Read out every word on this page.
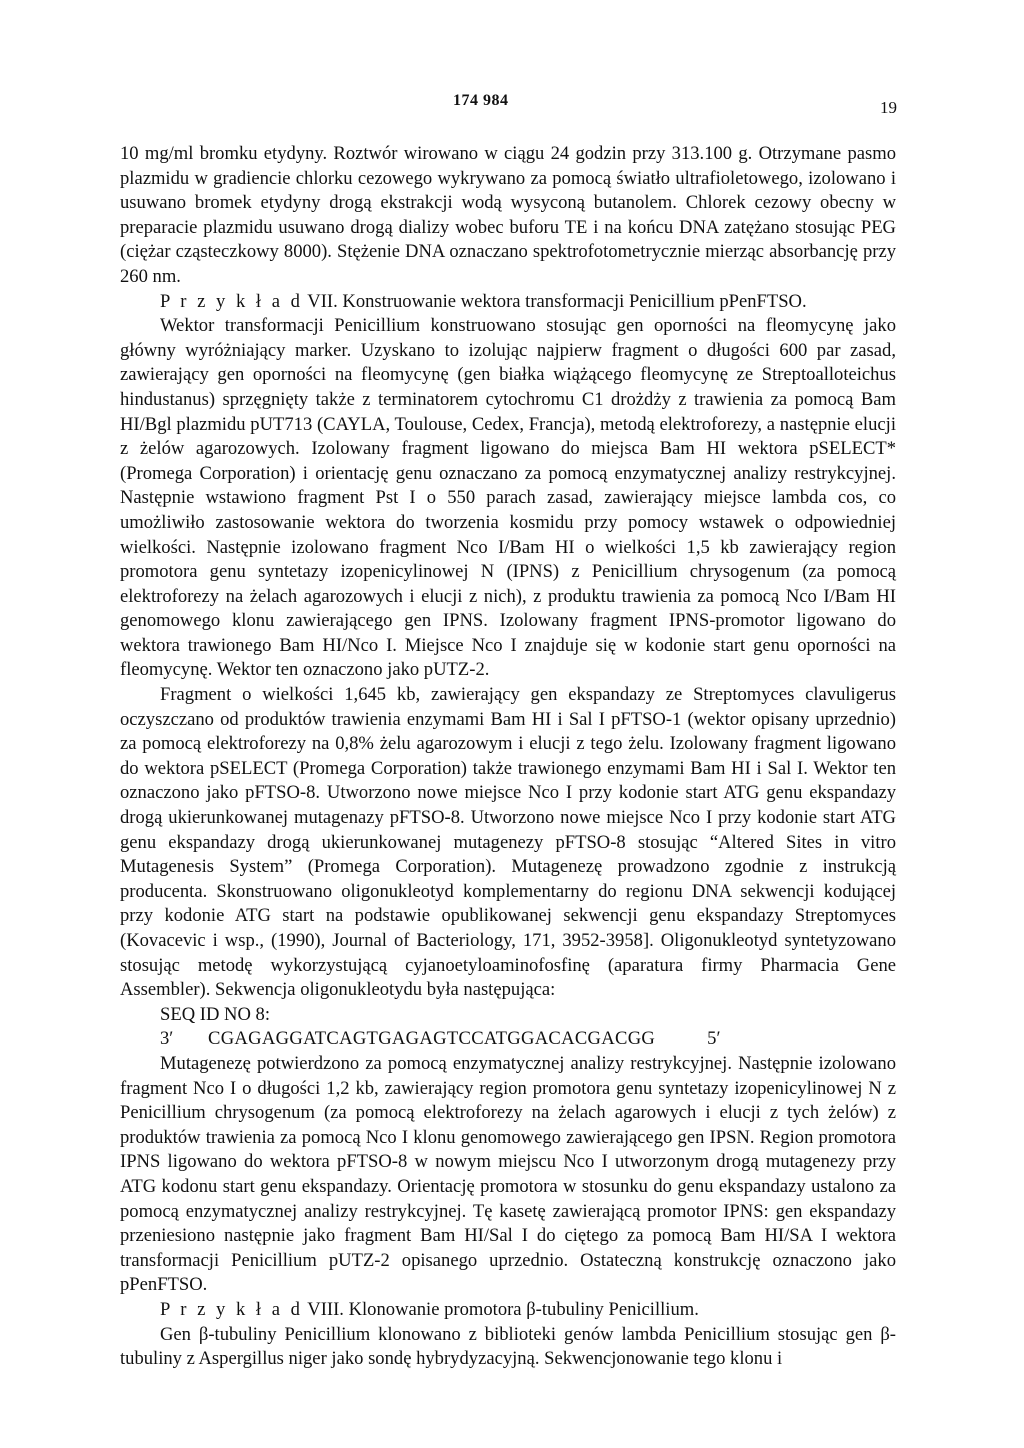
174 984	19

10 mg/ml bromku etydyny. Roztwór wirowano w ciągu 24 godzin przy 313.100 g. Otrzymane pasmo plazmidu w gradiencie chlorku cezowego wykrywano za pomocą światło ultrafioletowego, izolowano i usuwano bromek etydyny drogą ekstrakcji wodą wysyconą butanolem. Chlorek cezowy obecny w preparacie plazmidu usuwano drogą dializy wobec buforu TE i na końcu DNA zatężano stosując PEG (ciężar cząsteczkowy 8000). Stężenie DNA oznaczano spektrofotometrycznie mierząc absorbancję przy 260 nm.

P r z y k ł a d VII. Konstruowanie wektora transformacji Penicillium pPenFTSO.

Wektor transformacji Penicillium konstruowano stosując gen oporności na fleomycynę jako główny wyróżniający marker. Uzyskano to izolując najpierw fragment o długości 600 par zasad, zawierający gen oporności na fleomycynę (gen białka wiążącego fleomycynę ze Streptoalloteichus hindustanus) sprzęgnięty także z terminatorem cytochromu C1 drożdży z trawienia za pomocą Bam HI/Bgl plazmidu pUT713 (CAYLA, Toulouse, Cedex, Francja), metodą elektroforezy, a następnie elucji z żelów agarozowych. Izolowany fragment ligowano do miejsca Bam HI wektora pSELECT* (Promega Corporation) i orientację genu oznaczano za pomocą enzymatycznej analizy restrykcyjnej. Następnie wstawiono fragment Pst I o 550 parach zasad, zawierający miejsce lambda cos, co umożliwiło zastosowanie wektora do tworzenia kosmidu przy pomocy wstawek o odpowiedniej wielkości. Następnie izolowano fragment Nco I/Bam HI o wielkości 1,5 kb zawierający region promotora genu syntetazy izopenicylinowej N (IPNS) z Penicillium chrysogenum (za pomocą elektroforezy na żelach agarozowych i elucji z nich), z produktu trawienia za pomocą Nco I/Bam HI genomowego klonu zawierającego gen IPNS. Izolowany fragment IPNS-promotor ligowano do wektora trawionego Bam HI/Nco I. Miejsce Nco I znajduje się w kodonie start genu oporności na fleomycynę. Wektor ten oznaczono jako pUTZ-2.

Fragment o wielkości 1,645 kb, zawierający gen ekspandazy ze Streptomyces clavuligerus oczyszczano od produktów trawienia enzymami Bam HI i Sal I pFTSO-1 (wektor opisany uprzednio) za pomocą elektroforezy na 0,8% żelu agarozowym i elucji z tego żelu. Izolowany fragment ligowano do wektora pSELECT (Promega Corporation) także trawionego enzymami Bam HI i Sal I. Wektor ten oznaczono jako pFTSO-8. Utworzono nowe miejsce Nco I przy kodonie start ATG genu ekspandazy drogą ukierunkowanej mutagenazy pFTSO-8. Utworzono nowe miejsce Nco I przy kodonie start ATG genu ekspandazy drogą ukierunkowanej mutagenezy pFTSO-8 stosując “Altered Sites in vitro Mutagenesis System” (Promega Corporation). Mutagenezę prowadzono zgodnie z instrukcją producenta. Skonstruowano oligonukleotyd komplementarny do regionu DNA sekwencji kodującej przy kodonie ATG start na podstawie opublikowanej sekwencji genu ekspandazy Streptomyces (Kovacevic i wsp., (1990), Journal of Bacteriology, 171, 3952-3958]. Oligonukleotyd syntetyzowano stosując metodę wykorzystującą cyjanoetyloaminofosfinę (aparatura firmy Pharmacia Gene Assembler). Sekwencja oligonukleotydu była następująca:

SEQ ID NO 8:

3′	CGAGAGGATCAGTGAGAGTCCATGGACACGACGG	5′

Mutagenezę potwierdzono za pomocą enzymatycznej analizy restrykcyjnej. Następnie izolowano fragment Nco I o długości 1,2 kb, zawierający region promotora genu syntetazy izopenicylinowej N z Penicillium chrysogenum (za pomocą elektroforezy na żelach agarowych i elucji z tych żelów) z produktów trawienia za pomocą Nco I klonu genomowego zawierającego gen IPSN. Region promotora IPNS ligowano do wektora pFTSO-8 w nowym miejscu Nco I utworzonym drogą mutagenezy przy ATG kodonu start genu ekspandazy. Orientację promotora w stosunku do genu ekspandazy ustalono za pomocą enzymatycznej analizy restrykcyjnej. Tę kasetę zawierającą promotor IPNS: gen ekspandazy przeniesiono następnie jako fragment Bam HI/Sal I do ciętego za pomocą Bam HI/SA I wektora transformacji Penicillium pUTZ-2 opisanego uprzednio. Ostateczną konstrukcję oznaczono jako pPenFTSO.

P r z y k ł a d VIII. Klonowanie promotora β-tubuliny Penicillium.

Gen β-tubuliny Penicillium klonowano z biblioteki genów lambda Penicillium stosując gen β-tubuliny z Aspergillus niger jako sondę hybrydyzacyjną. Sekwencjonowanie tego klonu i
